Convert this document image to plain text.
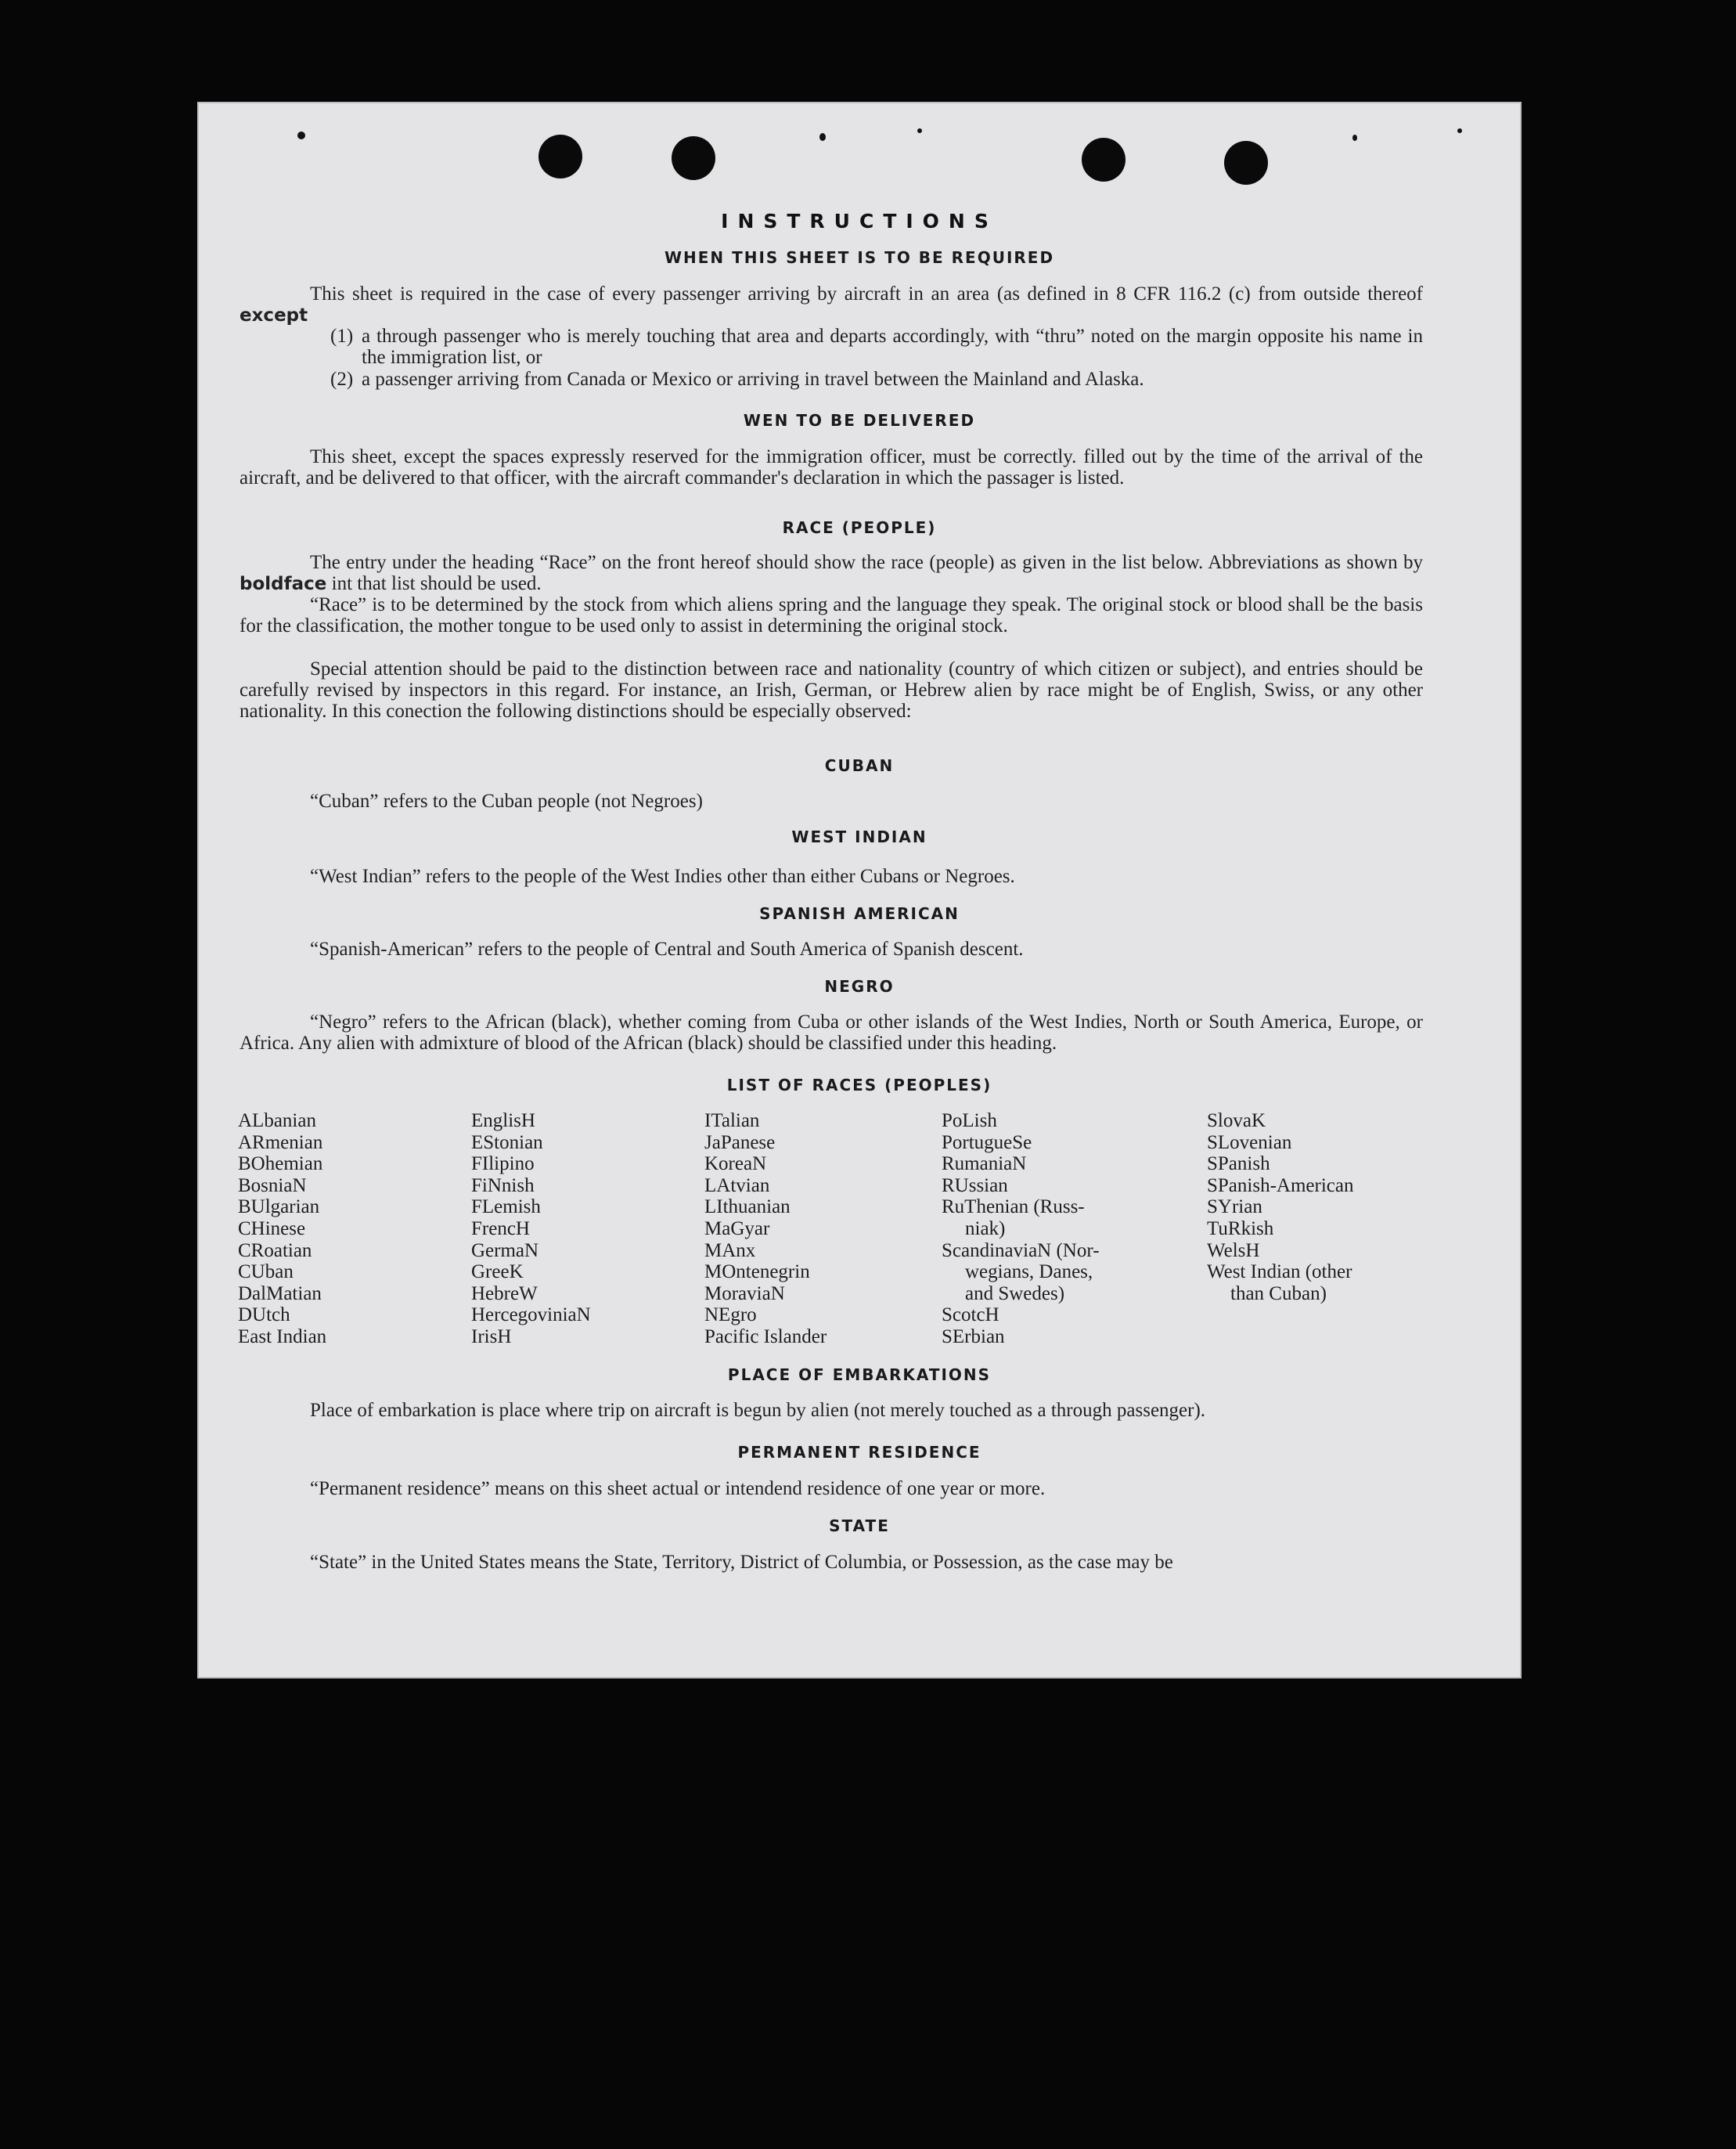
INSTRUCTIONS
WHEN THIS SHEET IS TO BE REQUIRED

This sheet is required in the case of every passenger arriving by aircraft in an area (as defined in 8 CFR 116.2 (c) from outside thereof except

(1) a through passenger who is merely touching that area and departs accordingly, with “thru” noted on the margin opposite his name in the immigration list, or
(2) a passenger arriving from Canada or Mexico or arriving in travel between the Mainland and Alaska.
WEN TO BE DELIVERED

This sheet, except the spaces expressly reserved for the immigration officer, must be correctly. filled out by the time of the arrival of the aircraft, and be delivered to that officer, with the aircraft commander's declaration in which the passager is listed.

RACE (PEOPLE)

The entry under the heading “Race” on the front hereof should show the race (people) as given in the list below. Abbreviations as shown by boldface int that list should be used.

“Race” is to be determined by the stock from which aliens spring and the language they speak. The original stock or blood shall be the basis for the classification, the mother tongue to be used only to assist in determining the original stock.

Special attention should be paid to the distinction between race and nationality (country of which citizen or subject), and entries should be carefully revised by inspectors in this regard. For instance, an Irish, German, or Hebrew alien by race might be of English, Swiss, or any other nationality. In this conection the following distinctions should be especially observed:

CUBAN

“Cuban” refers to the Cuban people (not Negroes)

WEST INDIAN

“West Indian” refers to the people of the West Indies other than either Cubans or Negroes.

SPANISH AMERICAN

“Spanish-American” refers to the people of Central and South America of Spanish descent.

NEGRO

“Negro” refers to the African (black), whether coming from Cuba or other islands of the West Indies, North or South America, Europe, or Africa. Any alien with admixture of blood of the African (black) should be classified under this heading.

LIST OF RACES (PEOPLES)
ALbanian
ARmenian
BOhemian
BosniaN
BUlgarian
CHinese
CRoatian
CUban
DalMatian
DUtch
East Indian
EnglisH
EStonian
FIlipino
FiNnish
FLemish
FrencH
GermaN
GreeK
HebreW
HercegoviniaN
IrisH
ITalian
JaPanese
KoreaN
LAtvian
LIthuanian
MaGyar
MAnx
MOntenegrin
MoraviaN
NEgro
Pacific Islander
PoLish
PortugueSe
RumaniaN
RUssian
RuThenian (Russ-
niak)
ScandinaviaN (Nor-
wegians, Danes,
and Swedes)
ScotcH
SErbian
SlovaK
SLovenian
SPanish
SPanish-American
SYrian
TuRkish
WelsH
West Indian (other
than Cuban)
PLACE OF EMBARKATIONS

Place of embarkation is place where trip on aircraft is begun by alien (not merely touched as a through passenger).

PERMANENT RESIDENCE

“Permanent residence” means on this sheet actual or intendend residence of one year or more.

STATE

“State” in the United States means the State, Territory, District of Columbia, or Possession, as the case may be
